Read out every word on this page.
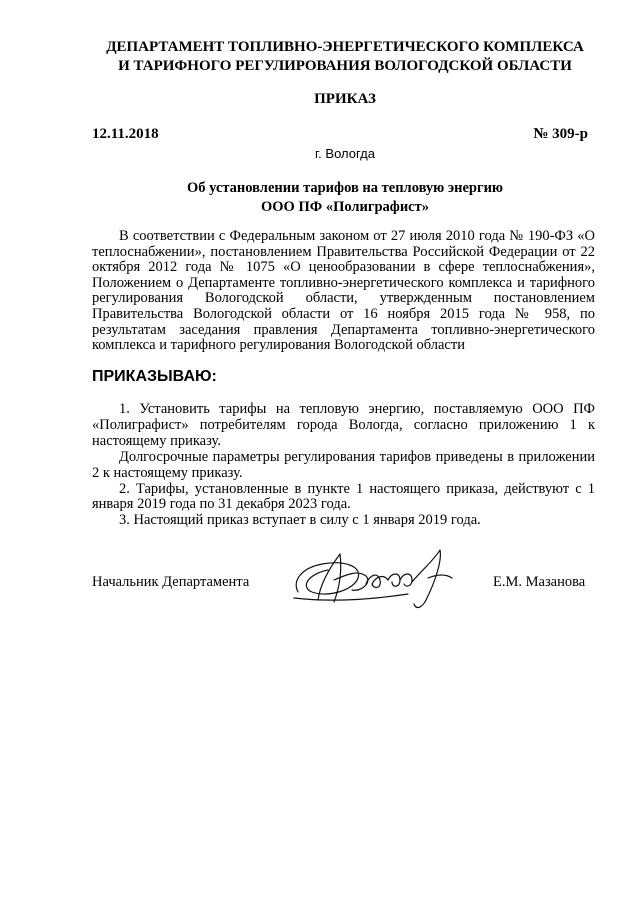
ДЕПАРТАМЕНТ ТОПЛИВНО-ЭНЕРГЕТИЧЕСКОГО КОМПЛЕКСА
И ТАРИФНОГО РЕГУЛИРОВАНИЯ ВОЛОГОДСКОЙ ОБЛАСТИ
ПРИКАЗ
12.11.2018	№ 309-р
г. Вологда
Об установлении тарифов на тепловую энергию
ООО ПФ «Полиграфист»

В соответствии с Федеральным законом от 27 июля 2010 года № 190-ФЗ «О теплоснабжении», постановлением Правительства Российской Федерации от 22 октября 2012 года № 1075 «О ценообразовании в сфере теплоснабжения», Положением о Департаменте топливно-энергетического комплекса и тарифного регулирования Вологодской области, утвержденным постановлением Правительства Вологодской области от 16 ноября 2015 года № 958, по результатам заседания правления Департамента топливно-энергетического комплекса и тарифного регулирования Вологодской области

ПРИКАЗЫВАЮ:

1. Установить тарифы на тепловую энергию, поставляемую ООО ПФ «Полиграфист» потребителям города Вологда, согласно приложению 1 к настоящему приказу.

Долгосрочные параметры регулирования тарифов приведены в приложении 2 к настоящему приказу.

2. Тарифы, установленные в пункте 1 настоящего приказа, действуют с 1 января 2019 года по 31 декабря 2023 года.

3. Настоящий приказ вступает в силу с 1 января 2019 года.

Начальник Департамента	Е.М. Мазанова
